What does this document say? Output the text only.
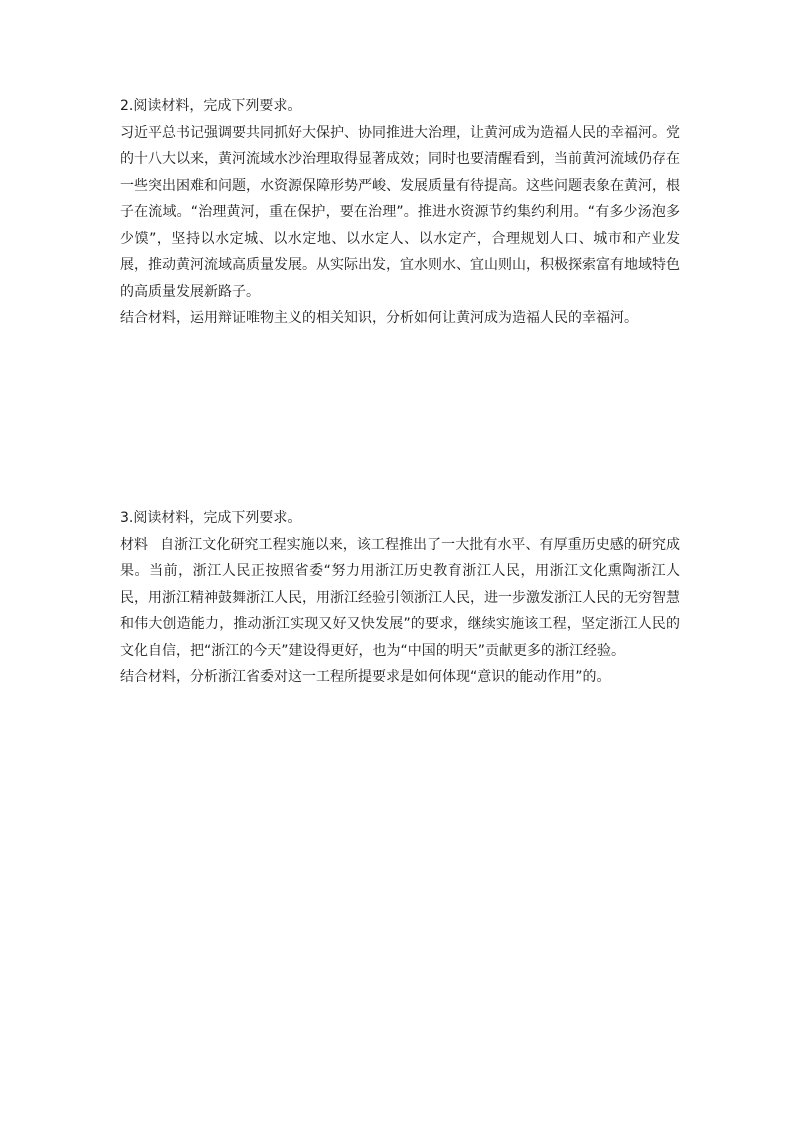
2.阅读材料，完成下列要求。

习近平总书记强调要共同抓好大保护、协同推进大治理，让黄河成为造福人民的幸福河。党的十八大以来，黄河流域水沙治理取得显著成效；同时也要清醒看到，当前黄河流域仍存在一些突出困难和问题，水资源保障形势严峻、发展质量有待提高。这些问题表象在黄河，根子在流域。“治理黄河，重在保护，要在治理”。推进水资源节约集约利用。“有多少汤泡多少馍”，坚持以水定城、以水定地、以水定人、以水定产，合理规划人口、城市和产业发展，推动黄河流域高质量发展。从实际出发，宜水则水、宜山则山，积极探索富有地域特色的高质量发展新路子。

结合材料，运用辩证唯物主义的相关知识，分析如何让黄河成为造福人民的幸福河。

3.阅读材料，完成下列要求。

材料 自浙江文化研究工程实施以来，该工程推出了一大批有水平、有厚重历史感的研究成果。当前，浙江人民正按照省委“努力用浙江历史教育浙江人民，用浙江文化熏陶浙江人民，用浙江精神鼓舞浙江人民，用浙江经验引领浙江人民，进一步激发浙江人民的无穷智慧和伟大创造能力，推动浙江实现又好又快发展”的要求，继续实施该工程，坚定浙江人民的文化自信，把“浙江的今天”建设得更好，也为“中国的明天”贡献更多的浙江经验。

结合材料，分析浙江省委对这一工程所提要求是如何体现“意识的能动作用”的。
